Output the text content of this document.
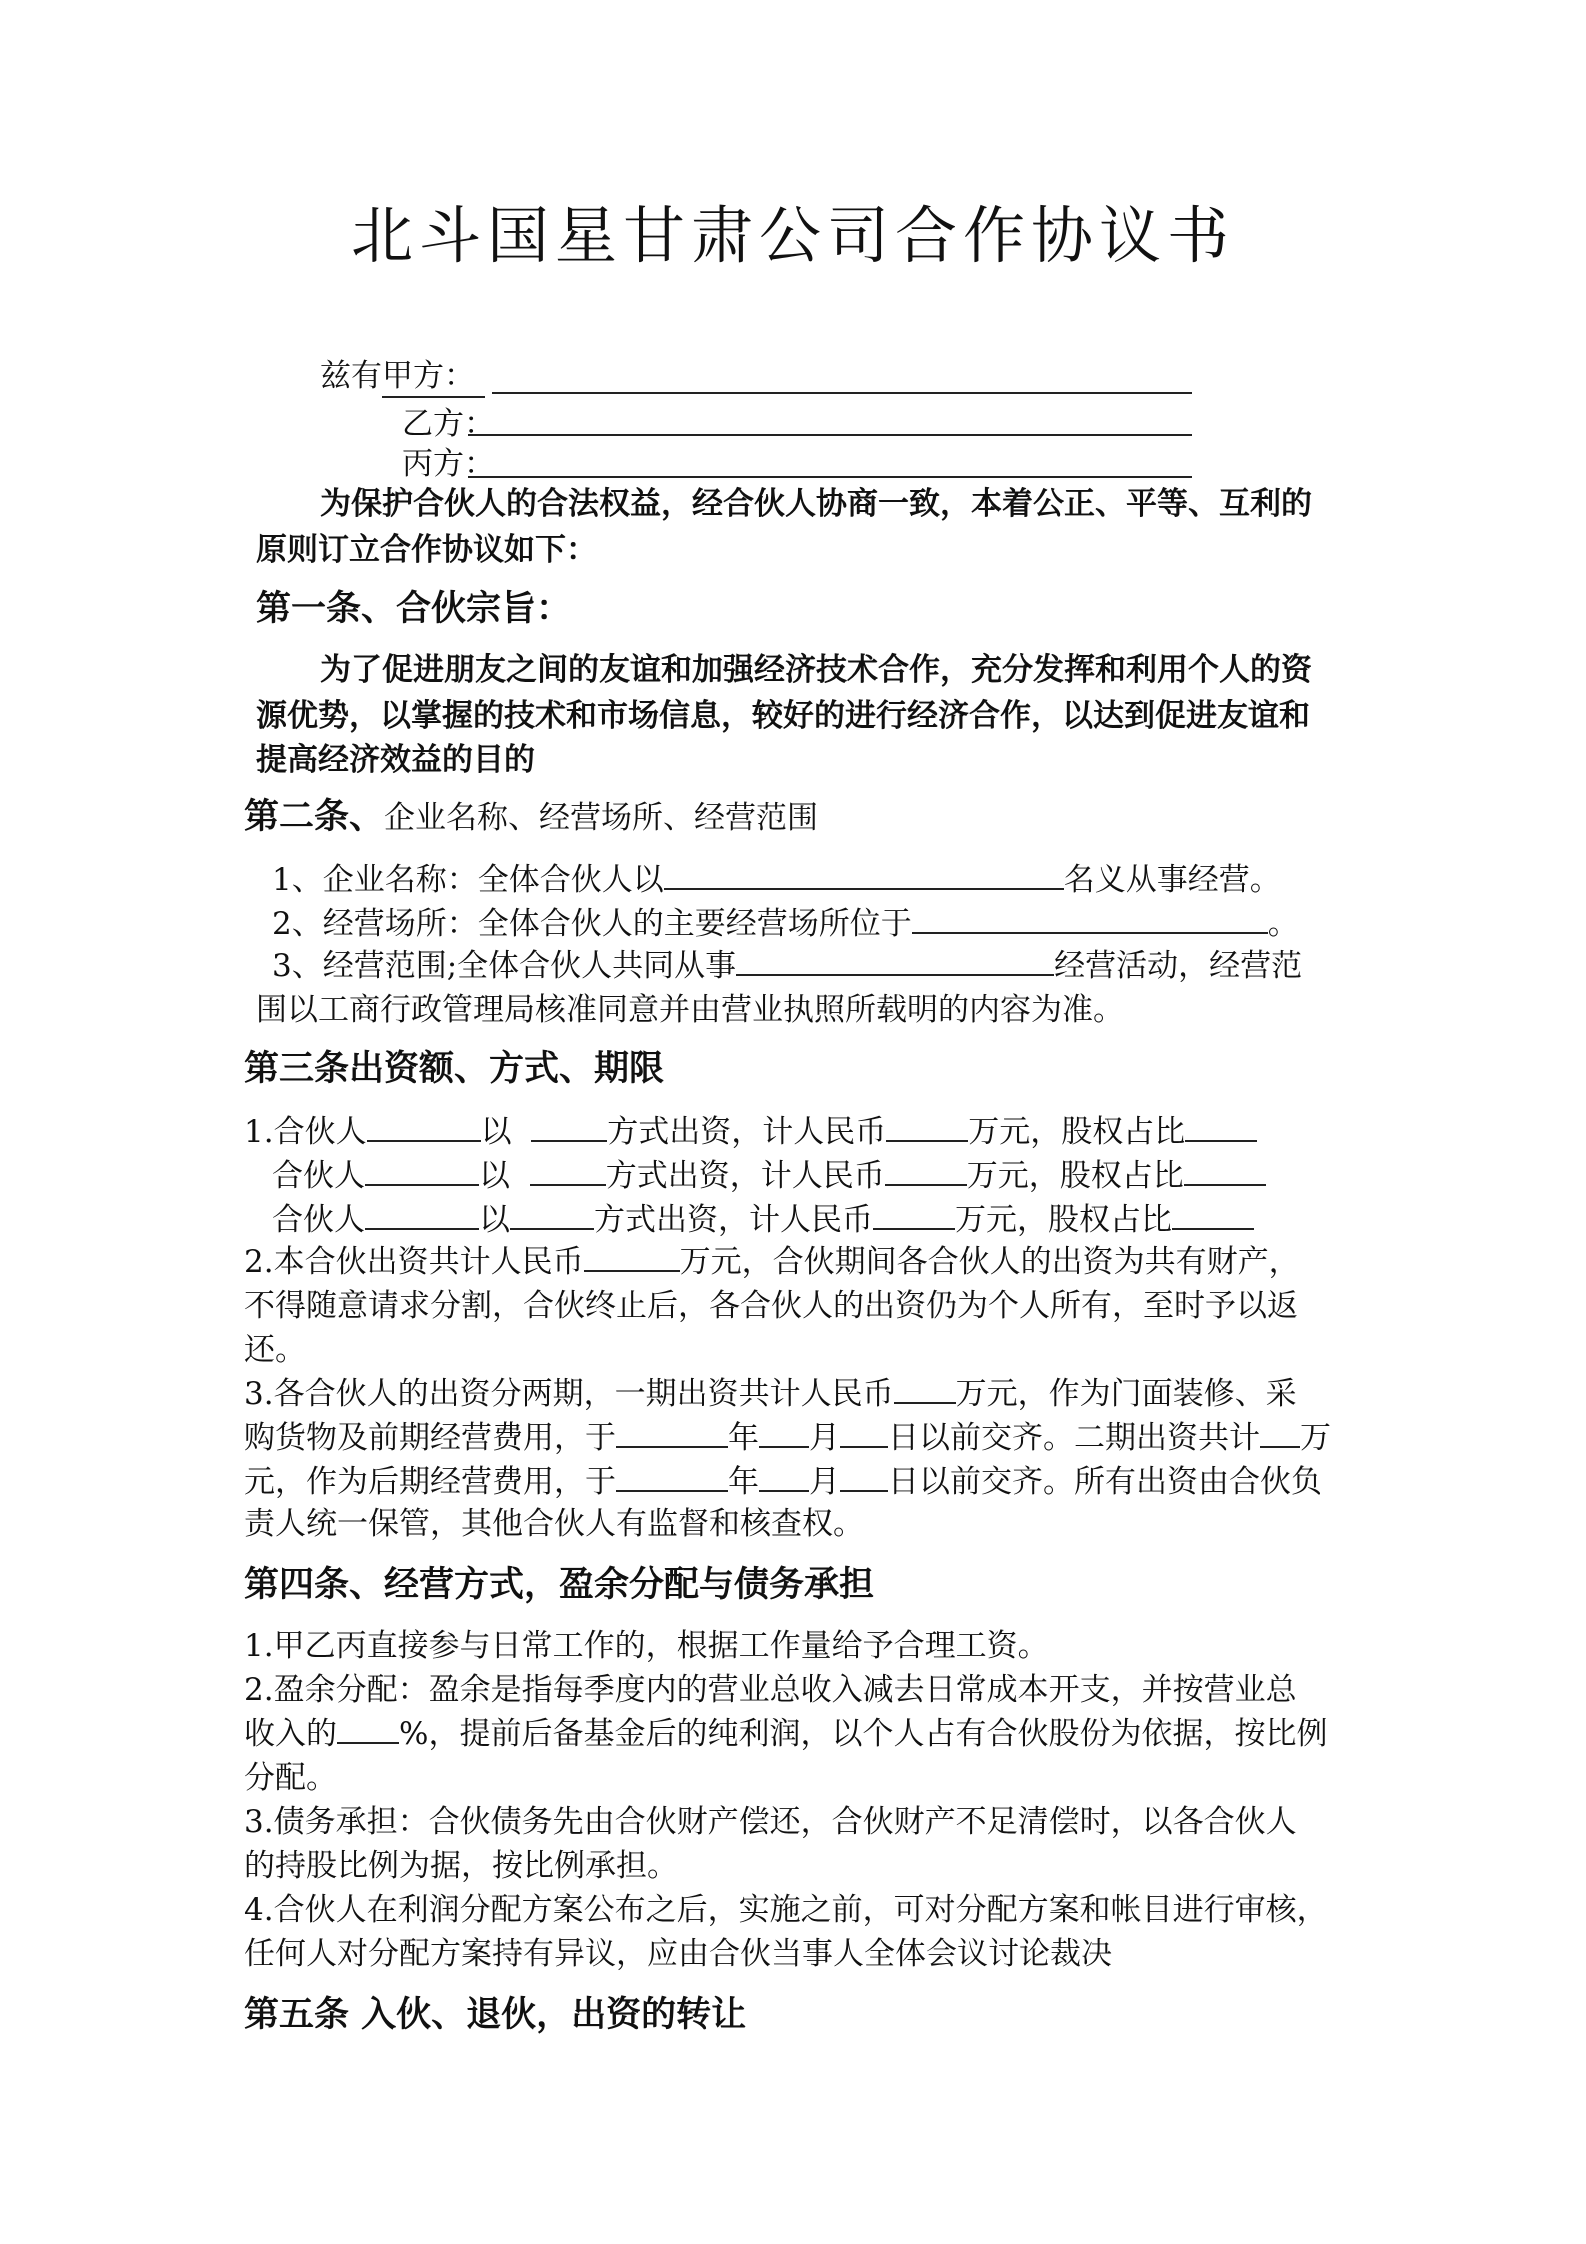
北斗国星甘肃公司合作协议书
兹有甲方：
乙方：
丙方：
为保护合伙人的合法权益，经合伙人协商一致，本着公正、平等、互利的
原则订立合作协议如下：
第一条、合伙宗旨：
为了促进朋友之间的友谊和加强经济技术合作，充分发挥和利用个人的资
源优势，以掌握的技术和市场信息，较好的进行经济合作，以达到促进友谊和
提高经济效益的目的
第二条、企业名称、经营场所、经营范围
1、企业名称：全体合伙人以	名义从事经营。
2、经营场所：全体合伙人的主要经营场所位于	。
3、经营范围;全体合伙人共同从事	经营活动，经营范
围以工商行政管理局核准同意并由营业执照所载明的内容为准。
第三条出资额、方式、期限
1.合伙人	以	方式出资，计人民币	万元，股权占比
合伙人	以	方式出资，计人民币	万元，股权占比
合伙人	以	方式出资，计人民币	万元，股权占比
2.本合伙出资共计人民币	万元，合伙期间各合伙人的出资为共有财产，
不得随意请求分割，合伙终止后，各合伙人的出资仍为个人所有，至时予以返
还。
3.各合伙人的出资分两期，一期出资共计人民币 万元，作为门面装修、采
购货物及前期经营费用，于	年 月 日以前交齐。二期出资共计 万
元，作为后期经营费用，于	年 月 日以前交齐。所有出资由合伙负
责人统一保管，其他合伙人有监督和核查权。
第四条、经营方式，盈余分配与债务承担
1.甲乙丙直接参与日常工作的，根据工作量给予合理工资。
2.盈余分配：盈余是指每季度内的营业总收入减去日常成本开支，并按营业总
收入的 %，提前后备基金后的纯利润，以个人占有合伙股份为依据，按比例
分配。
3.债务承担：合伙债务先由合伙财产偿还，合伙财产不足清偿时，以各合伙人
的持股比例为据，按比例承担。
4.合伙人在利润分配方案公布之后，实施之前，可对分配方案和帐目进行审核，
任何人对分配方案持有异议，应由合伙当事人全体会议讨论裁决
第五条 入伙、退伙，出资的转让
